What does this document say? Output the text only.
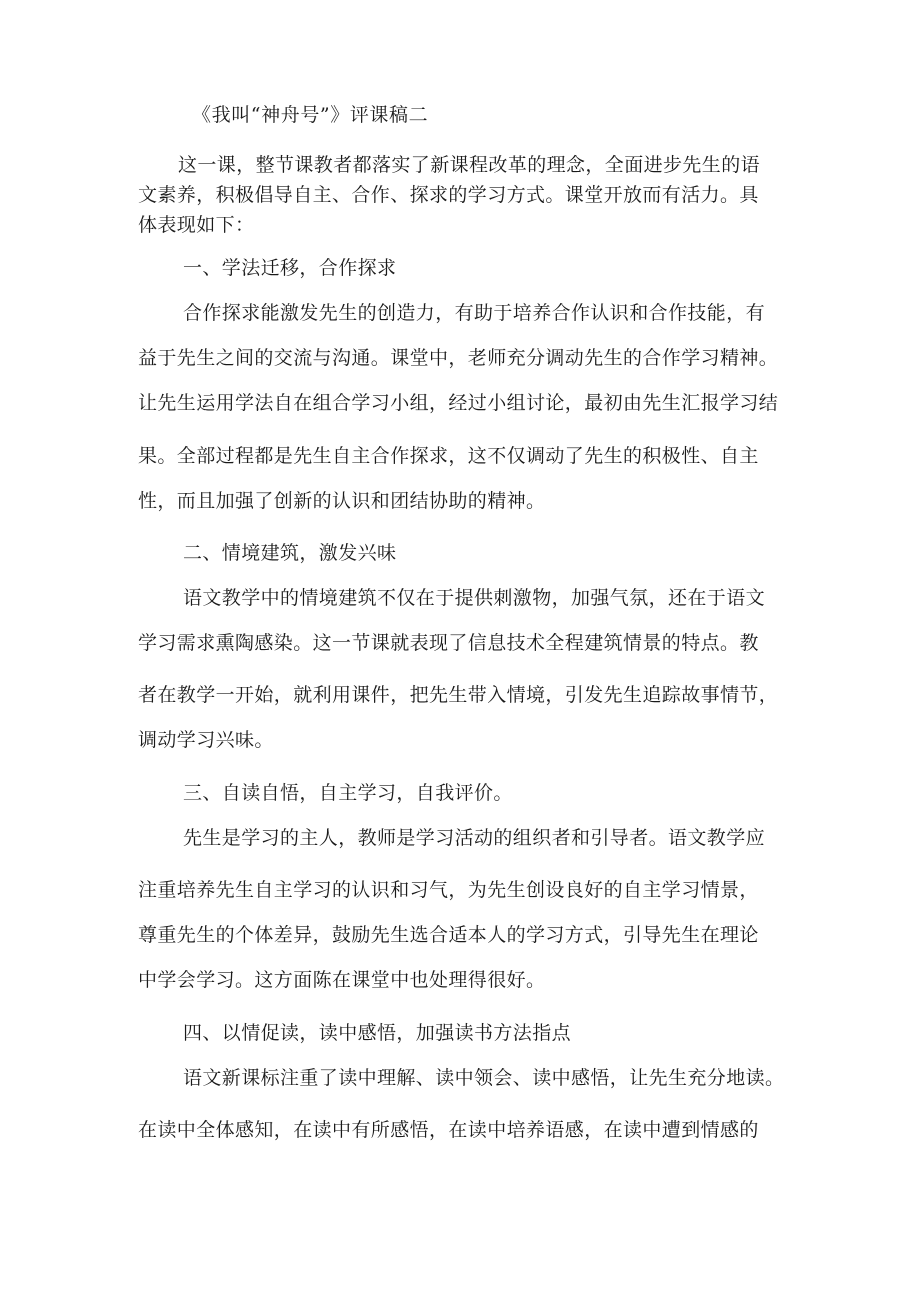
《我叫“神舟号”》评课稿二
这一课，整节课教者都落实了新课程改革的理念，全面进步先生的语
文素养，积极倡导自主、合作、探求的学习方式。课堂开放而有活力。具
体表现如下：
一、学法迁移，合作探求
合作探求能激发先生的创造力，有助于培养合作认识和合作技能，有
益于先生之间的交流与沟通。课堂中，老师充分调动先生的合作学习精神。
让先生运用学法自在组合学习小组，经过小组讨论，最初由先生汇报学习结
果。全部过程都是先生自主合作探求，这不仅调动了先生的积极性、自主
性，而且加强了创新的认识和团结协助的精神。
二、情境建筑，激发兴味
语文教学中的情境建筑不仅在于提供刺激物，加强气氛，还在于语文
学习需求熏陶感染。这一节课就表现了信息技术全程建筑情景的特点。教
者在教学一开始，就利用课件，把先生带入情境，引发先生追踪故事情节，
调动学习兴味。
三、自读自悟，自主学习，自我评价。
先生是学习的主人，教师是学习活动的组织者和引导者。语文教学应
注重培养先生自主学习的认识和习气，为先生创设良好的自主学习情景，
尊重先生的个体差异，鼓励先生选合适本人的学习方式，引导先生在理论
中学会学习。这方面陈在课堂中也处理得很好。
四、以情促读，读中感悟，加强读书方法指点
语文新课标注重了读中理解、读中领会、读中感悟，让先生充分地读。
在读中全体感知，在读中有所感悟，在读中培养语感，在读中遭到情感的
